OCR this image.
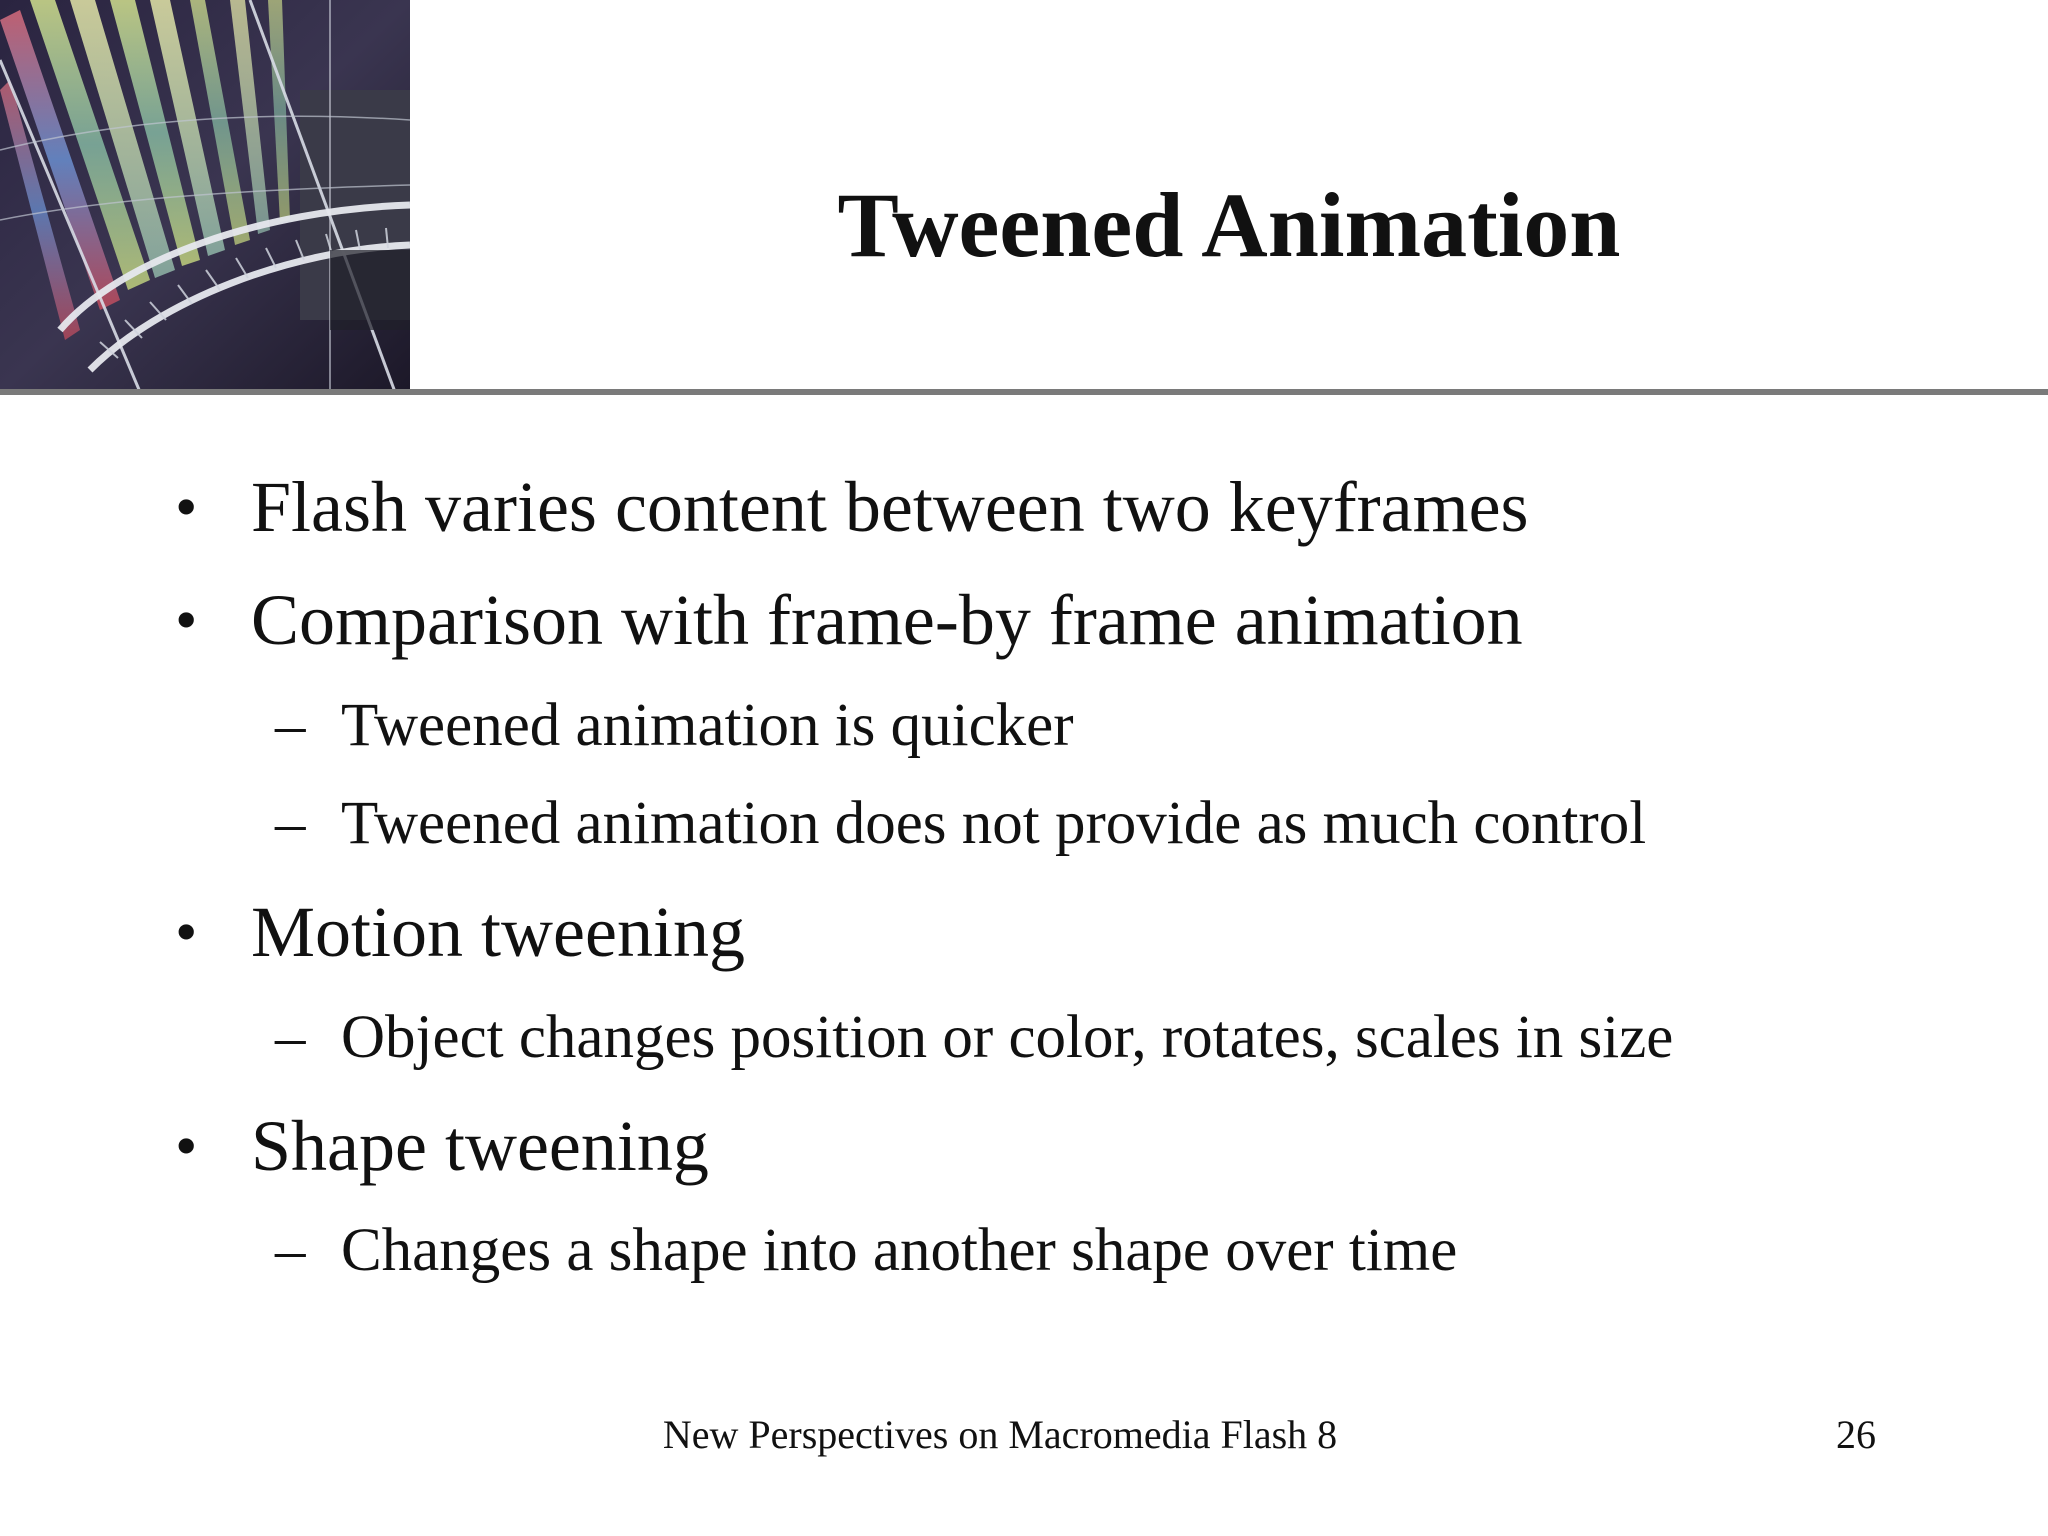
Tweened Animation
• Flash varies content between two keyframes
• Comparison with frame-by frame animation
– Tweened animation is quicker
– Tweened animation does not provide as much control
• Motion tweening
– Object changes position or color, rotates, scales in size
• Shape tweening
– Changes a shape into another shape over time
New Perspectives on Macromedia Flash 8	26
